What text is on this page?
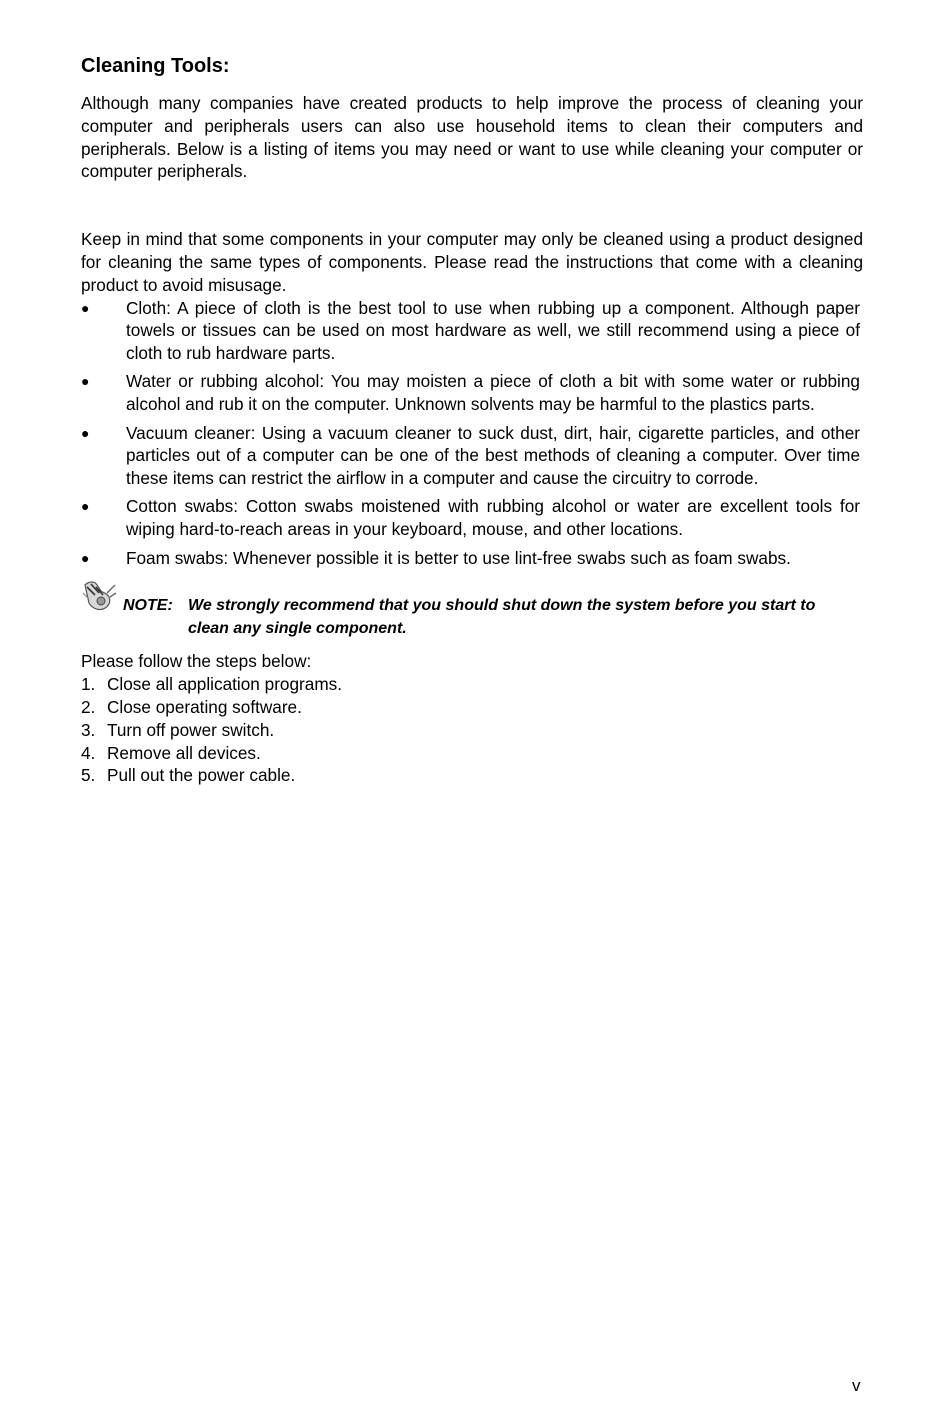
Cleaning Tools:

Although many companies have created products to help improve the process of cleaning your computer and peripherals users can also use household items to clean their computers and peripherals. Below is a listing of items you may need or want to use while cleaning your computer or computer peripherals.

Keep in mind that some components in your computer may only be cleaned using a product designed for cleaning the same types of components. Please read the instructions that come with a cleaning product to avoid misusage.

● Cloth: A piece of cloth is the best tool to use when rubbing up a component. Although paper towels or tissues can be used on most hardware as well, we still recommend using a piece of cloth to rub hardware parts.
● Water or rubbing alcohol: You may moisten a piece of cloth a bit with some water or rubbing alcohol and rub it on the computer. Unknown solvents may be harmful to the plastics parts.
● Vacuum cleaner: Using a vacuum cleaner to suck dust, dirt, hair, cigarette particles, and other particles out of a computer can be one of the best methods of cleaning a computer. Over time these items can restrict the airflow in a computer and cause the circuitry to corrode.
● Cotton swabs: Cotton swabs moistened with rubbing alcohol or water are excellent tools for wiping hard-to-reach areas in your keyboard, mouse, and other locations.
● Foam swabs: Whenever possible it is better to use lint-free swabs such as foam swabs.
NOTE: We strongly recommend that you should shut down the system before you start to
clean any single component.
Please follow the steps below:
1. Close all application programs.
2. Close operating software.
3. Turn off power switch.
4. Remove all devices.
5. Pull out the power cable.
v
